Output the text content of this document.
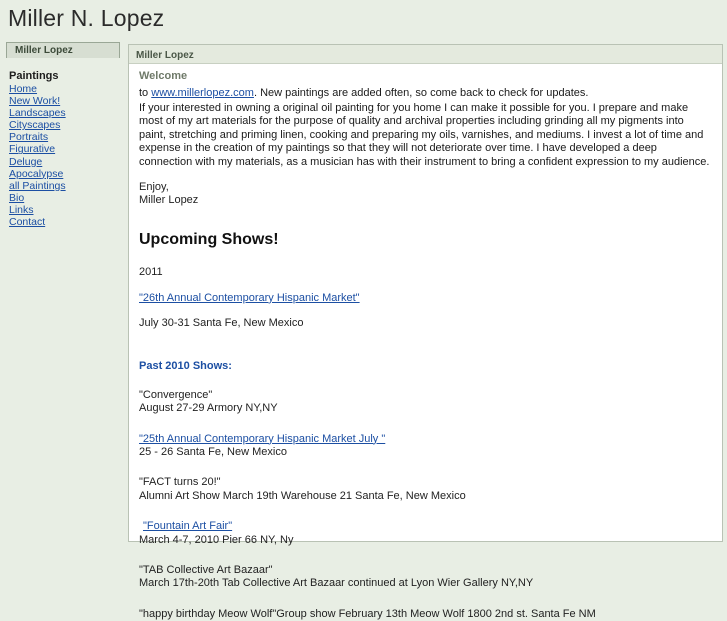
Miller N. Lopez
Miller Lopez
Paintings
Home
New Work!
Landscapes
Cityscapes
Portraits
Figurative
Deluge
Apocalypse
all Paintings
Bio
Links
Contact
Miller Lopez
Welcome

to www.millerlopez.com. New paintings are added often, so come back to check for updates.

If your interested in owning a original oil painting for you home I can make it possible for you. I prepare and make most of my art materials for the purpose of quality and archival properties including grinding all my pigments into paint, stretching and priming linen, cooking and preparing my oils, varnishes, and mediums. I invest a lot of time and expense in the creation of my paintings so that they will not deteriorate over time. I have developed a deep connection with my materials, as a musician has with their instrument to bring a confident expression to my audience.

Enjoy,
Miller Lopez
Upcoming Shows!
2011
"26th Annual Contemporary Hispanic Market"
July 30-31 Santa Fe, New Mexico
Past 2010 Shows:
"Convergence"
August 27-29 Armory NY,NY
"25th Annual Contemporary Hispanic Market July "
25 - 26 Santa Fe, New Mexico
"FACT turns 20!"
Alumni Art Show March 19th Warehouse 21 Santa Fe, New Mexico
"Fountain Art Fair"
March 4-7, 2010 Pier 66 NY, Ny
"TAB Collective Art Bazaar"
March 17th-20th Tab Collective Art Bazaar continued at Lyon Wier Gallery NY,NY
"happy birthday Meow Wolf"Group show February 13th Meow Wolf 1800 2nd st. Santa Fe NM
